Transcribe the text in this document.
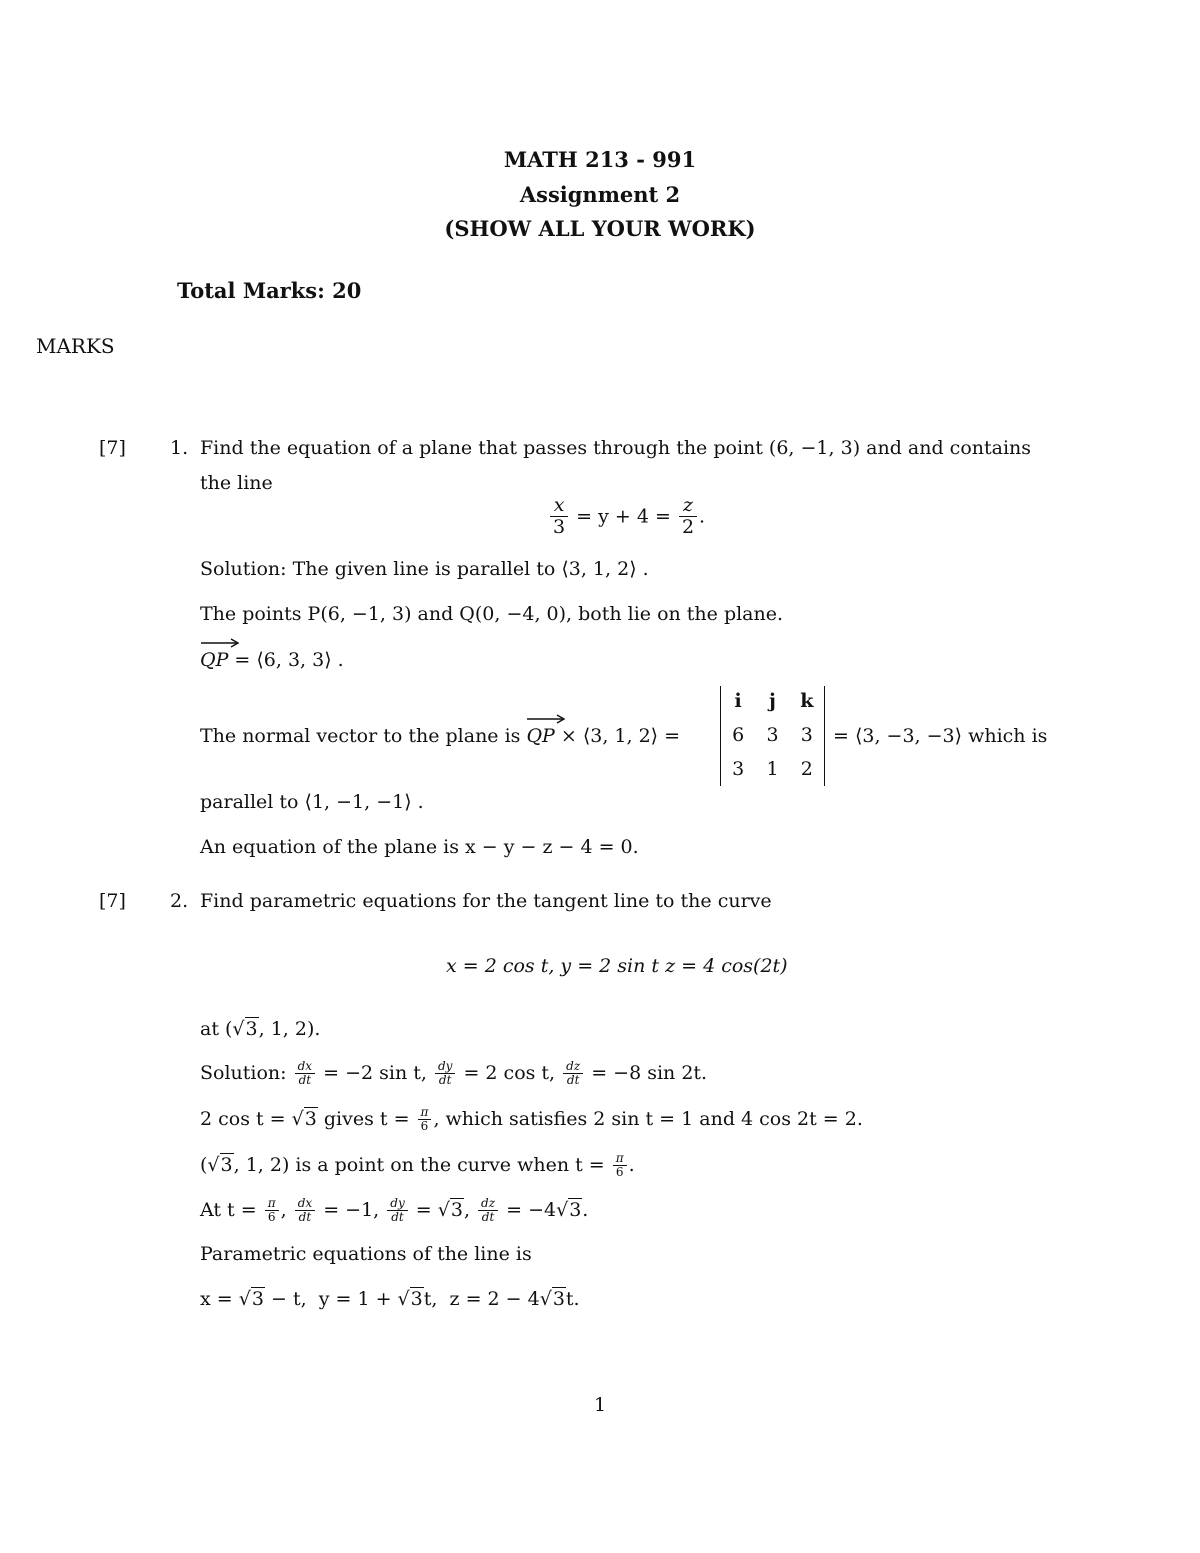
MATH 213 - 991
Assignment 2
(SHOW ALL YOUR WORK)
Total Marks: 20
MARKS
[7] 1. Find the equation of a plane that passes through the point (6, −1, 3) and and contains
the line
$\frac{x}{3} = y + 4 = \frac{z}{2}$ .
Solution: The given line is parallel to ⟨3, 1, 2⟩ .
The points P(6, −1, 3) and Q(0, −4, 0), both lie on the plane.
QP = ⟨6, 3, 3⟩ .
The normal vector to the plane is QP × ⟨3, 1, 2⟩ =
i	j	k
6	3	3
3	1	2
= ⟨3, −3, −3⟩ which is
parallel to ⟨1, −1, −1⟩ .
An equation of the plane is x − y − z − 4 = 0.
[7] 2. Find parametric equations for the tangent line to the curve
x = 2 cos t, y = 2 sin t z = 4 cos(2t)
at (√3, 1, 2).
Solution: $\frac{dx}{dt} = -2$ sin t, $\frac{dy}{dt} = 2$ cos t, $\frac{dz}{dt} = -8$ sin 2t.
2 cos t = √3 gives $t = \frac{\pi}{6}$ , which satisfies 2 sin t = 1 and 4 cos 2t = 2.
(√3, 1, 2) is a point on the curve when $t = \frac{\pi}{6}$ .
At $t = \frac{\pi}{6}$ , $\frac{dx}{dt} = -1$, $\frac{dy}{dt} = √3$, $\frac{dz}{dt} = -4√3$.
Parametric equations of the line is
x = √3 − t, y = 1 + √3t, z = 2 − 4√3t.
1
